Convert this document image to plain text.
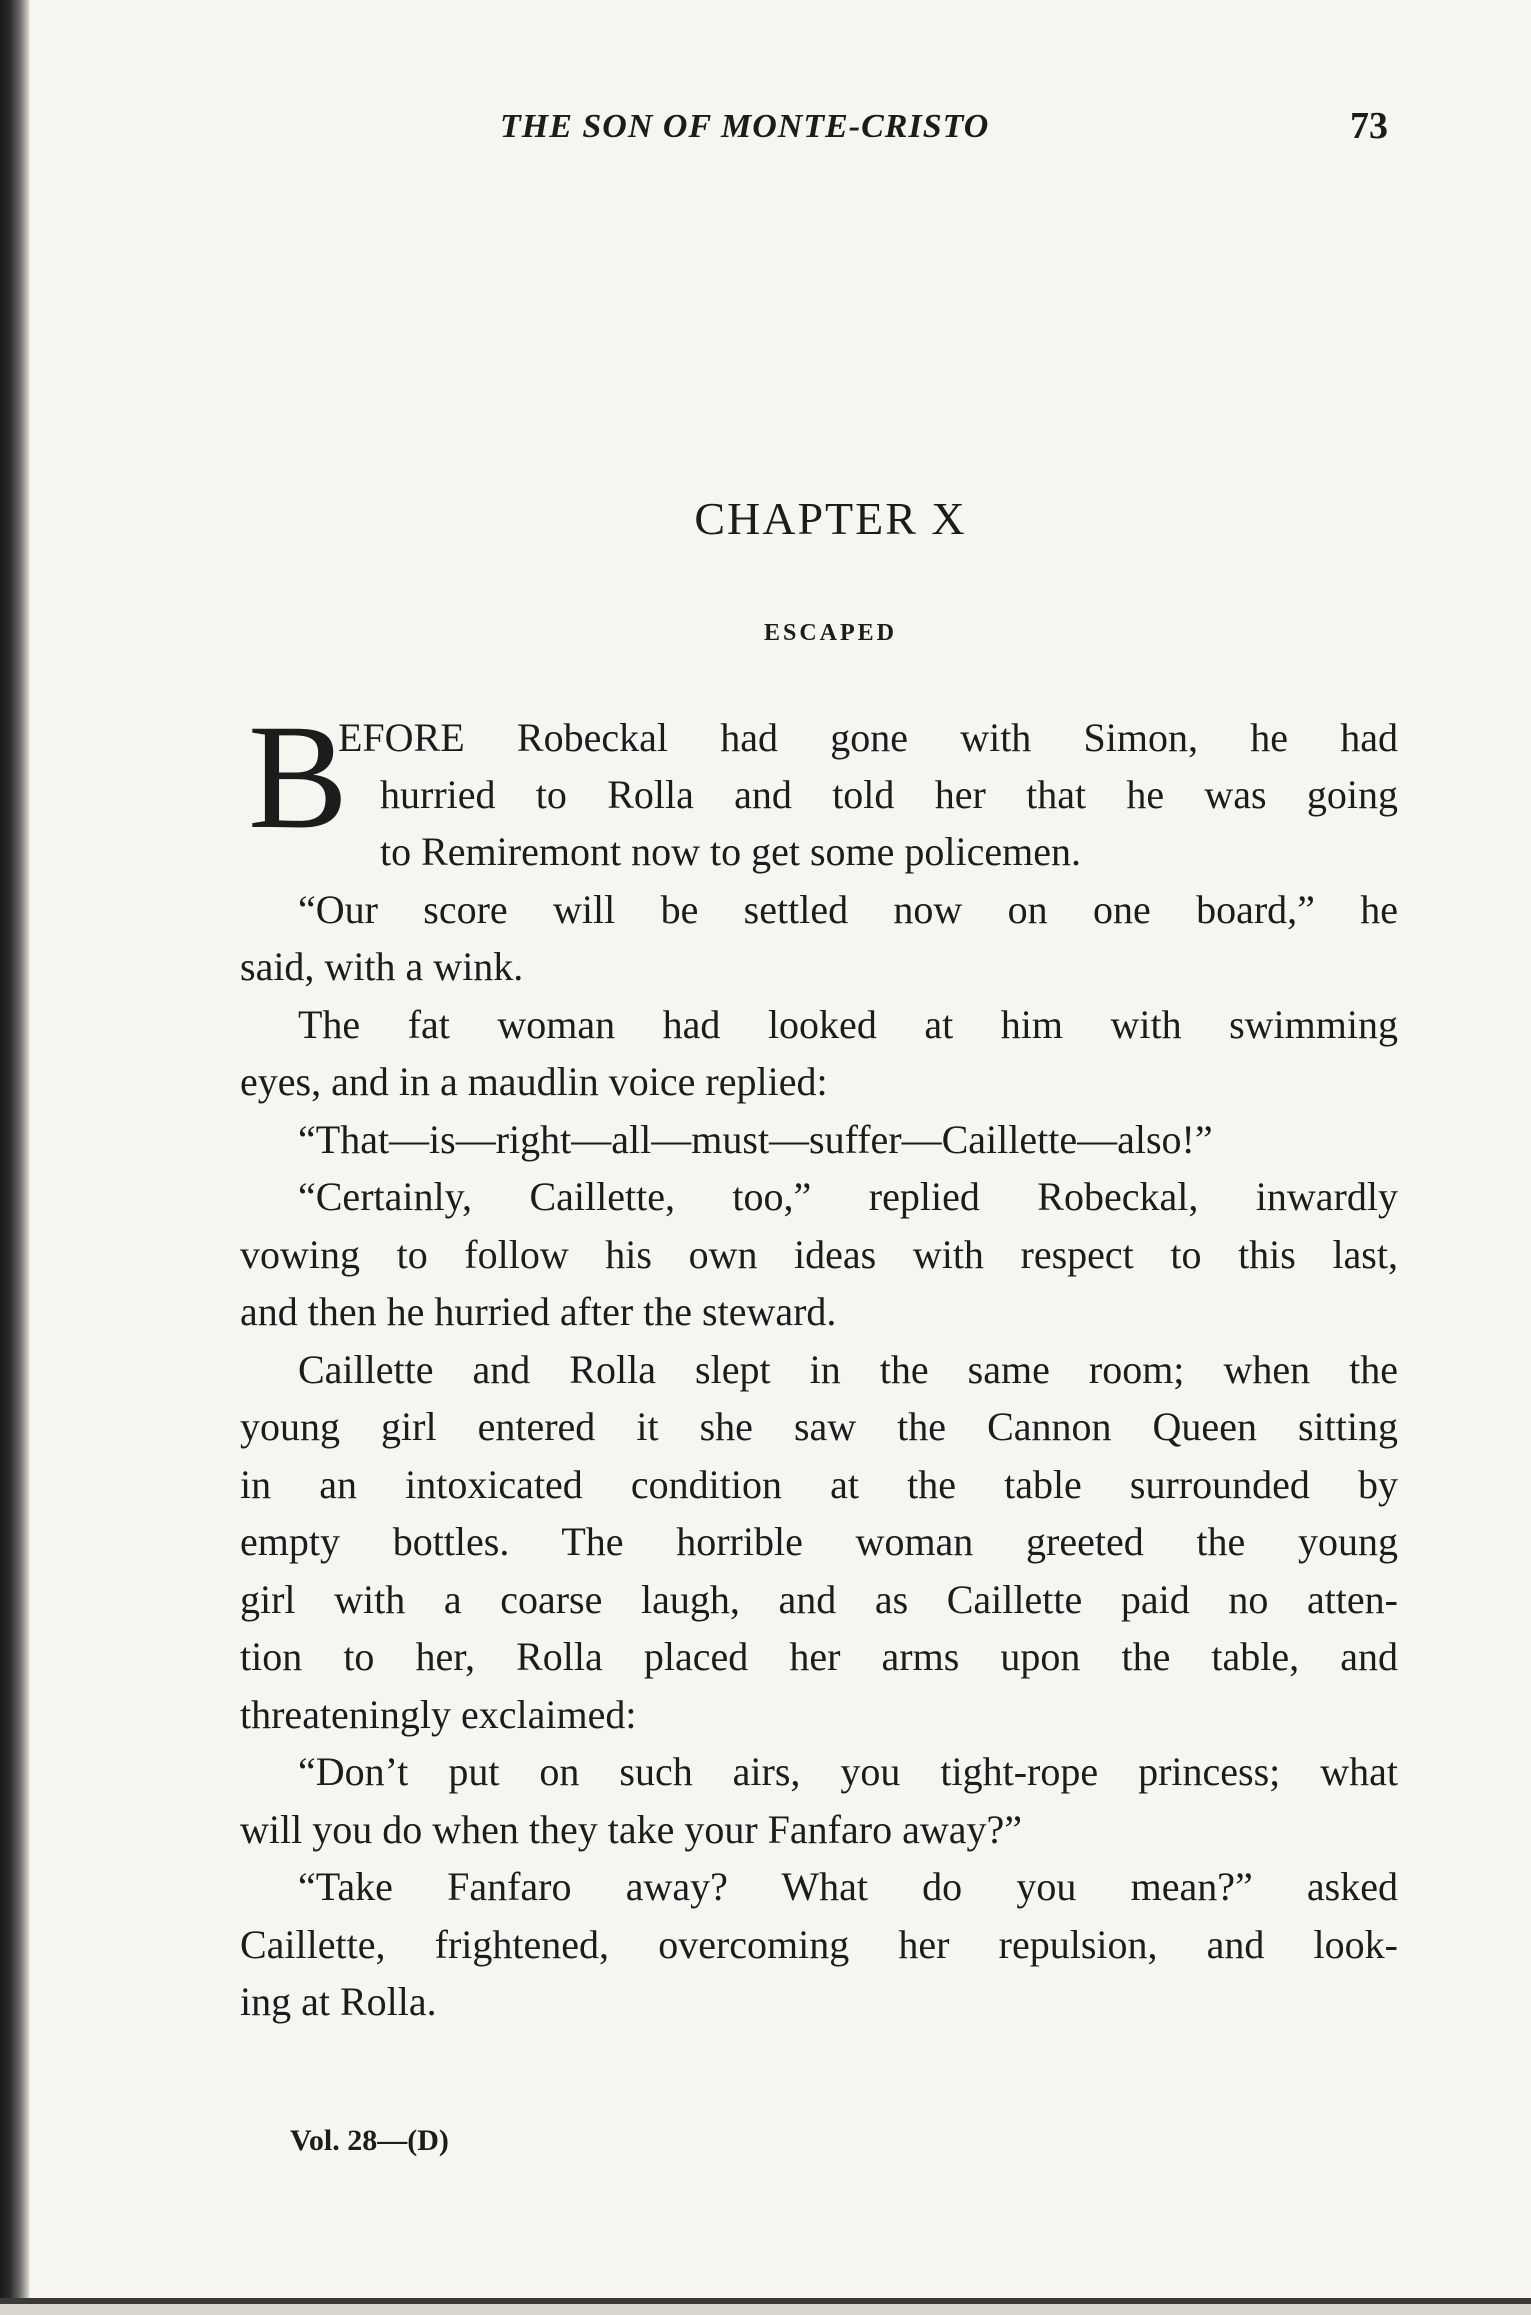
THE SON OF MONTE-CRISTO	73
CHAPTER X
ESCAPED
B
EFORE Robeckal had gone with Simon, he had
hurried to Rolla and told her that he was going
to Remiremont now to get some policemen.
“Our score will be settled now on one board,” he
said, with a wink.
The fat woman had looked at him with swimming
eyes, and in a maudlin voice replied:
“That—is—right—all—must—suffer—Caillette—also!”
“Certainly, Caillette, too,” replied Robeckal, inwardly
vowing to follow his own ideas with respect to this last,
and then he hurried after the steward.
Caillette and Rolla slept in the same room; when the
young girl entered it she saw the Cannon Queen sitting
in an intoxicated condition at the table surrounded by
empty bottles. The horrible woman greeted the young
girl with a coarse laugh, and as Caillette paid no atten-
tion to her, Rolla placed her arms upon the table, and
threateningly exclaimed:
“Don’t put on such airs, you tight-rope princess; what
will you do when they take your Fanfaro away?”
“Take Fanfaro away? What do you mean?” asked
Caillette, frightened, overcoming her repulsion, and look-
ing at Rolla.
Vol. 28—(D)
